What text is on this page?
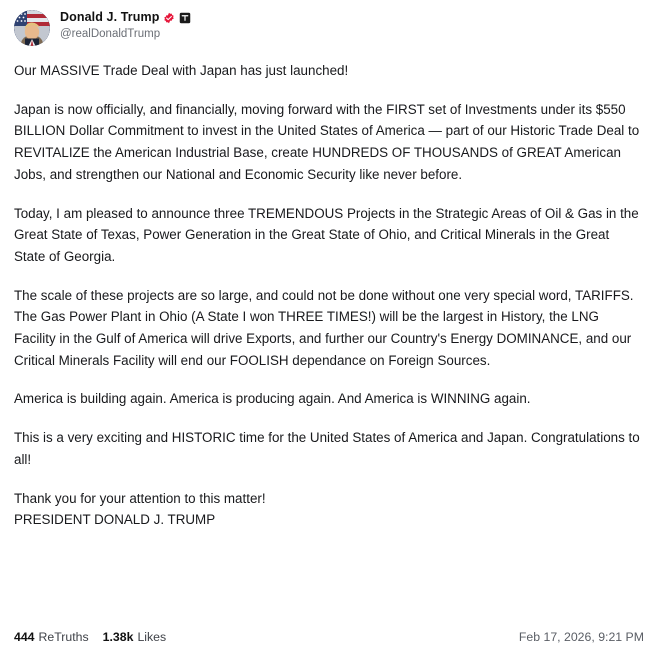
Donald J. Trump
@realDonaldTrump

Our MASSIVE Trade Deal with Japan has just launched!

Japan is now officially, and financially, moving forward with the FIRST set of Investments under its $550 BILLION Dollar Commitment to invest in the United States of America — part of our Historic Trade Deal to REVITALIZE the American Industrial Base, create HUNDREDS OF THOUSANDS of GREAT American Jobs, and strengthen our National and Economic Security like never before.

Today, I am pleased to announce three TREMENDOUS Projects in the Strategic Areas of Oil & Gas in the Great State of Texas, Power Generation in the Great State of Ohio, and Critical Minerals in the Great State of Georgia.

The scale of these projects are so large, and could not be done without one very special word, TARIFFS. The Gas Power Plant in Ohio (A State I won THREE TIMES!) will be the largest in History, the LNG Facility in the Gulf of America will drive Exports, and further our Country's Energy DOMINANCE, and our Critical Minerals Facility will end our FOOLISH dependance on Foreign Sources.

America is building again. America is producing again. And America is WINNING again.

This is a very exciting and HISTORIC time for the United States of America and Japan. Congratulations to all!

Thank you for your attention to this matter!
PRESIDENT DONALD J. TRUMP

444 ReTruths 1.38k Likes	Feb 17, 2026, 9:21 PM
